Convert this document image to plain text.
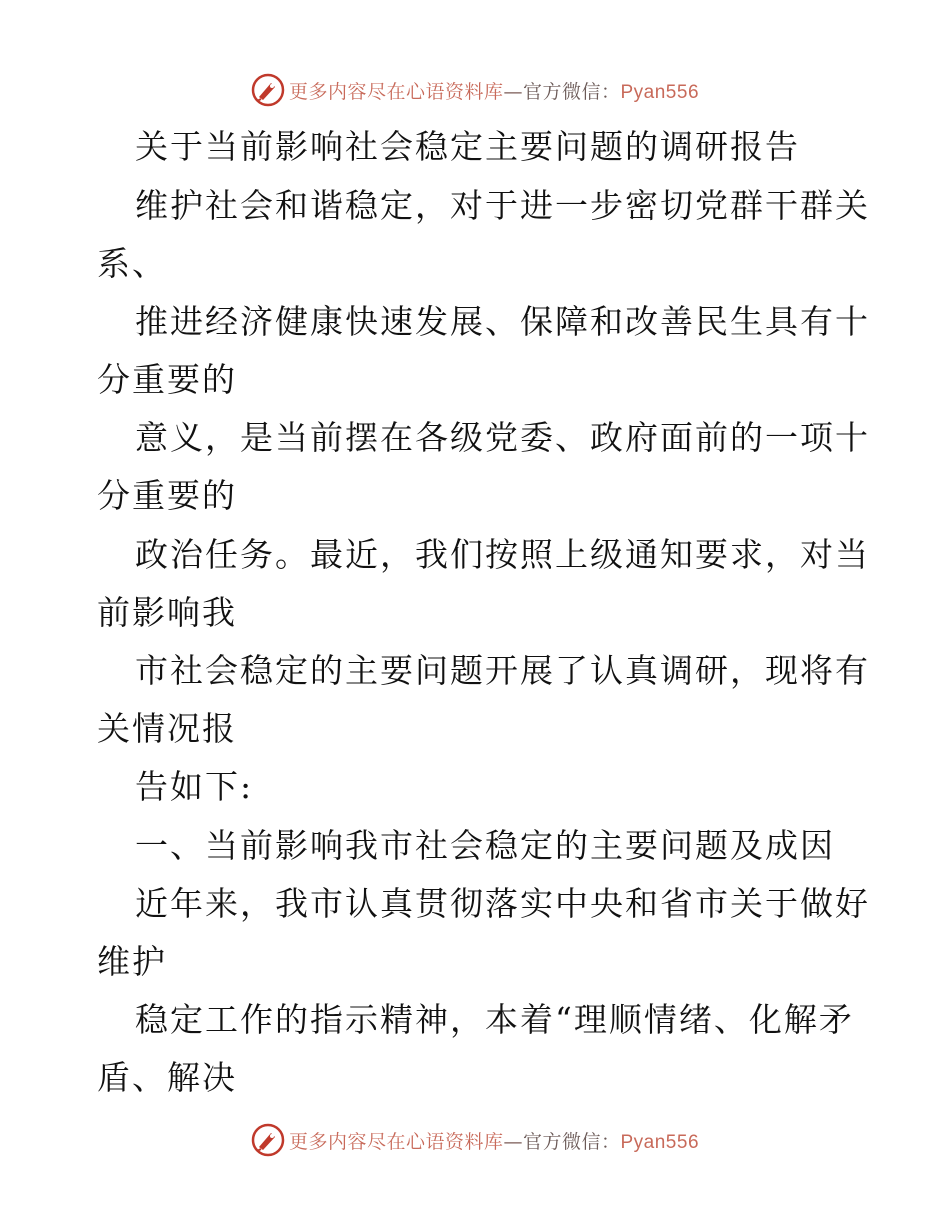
更多内容尽在心语资料库—官方微信：Pyan556
关于当前影响社会稳定主要问题的调研报告
维护社会和谐稳定，对于进一步密切党群干群关
系、
推进经济健康快速发展、保障和改善民生具有十
分重要的
意义，是当前摆在各级党委、政府面前的一项十
分重要的
政治任务。最近，我们按照上级通知要求，对当
前影响我
市社会稳定的主要问题开展了认真调研，现将有
关情况报
告如下:
一、当前影响我市社会稳定的主要问题及成因
近年来，我市认真贯彻落实中央和省市关于做好
维护
稳定工作的指示精神，本着“理顺情绪、化解矛
盾、解决
更多内容尽在心语资料库—官方微信：Pyan556
